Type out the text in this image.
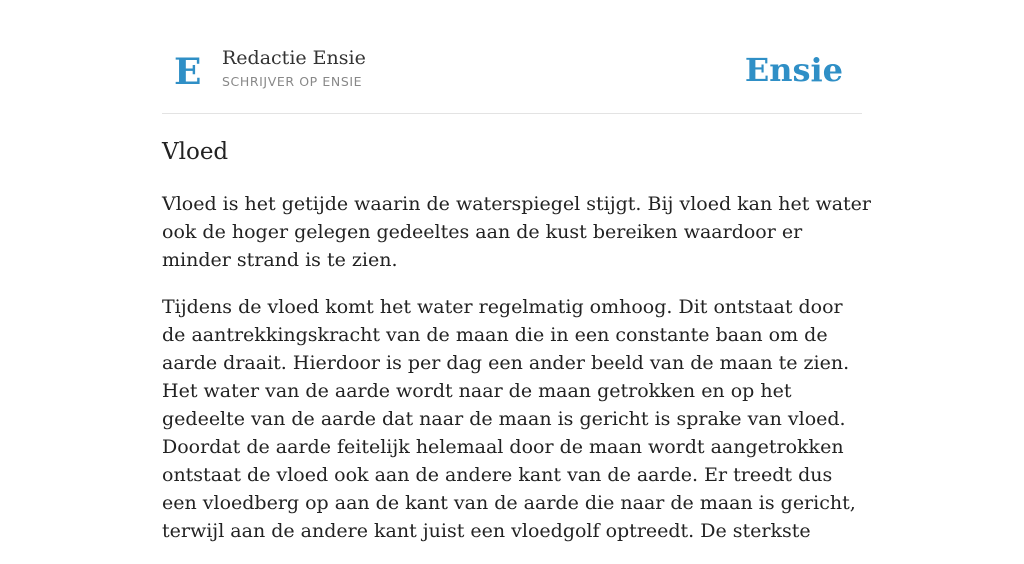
E Redactie Ensie
SCHRIJVER OP ENSIE	Ensie
Vloed

Vloed is het getijde waarin de waterspiegel stijgt. Bij vloed kan het water ook de hoger gelegen gedeeltes aan de kust bereiken waardoor er minder strand is te zien.

Tijdens de vloed komt het water regelmatig omhoog. Dit ontstaat door de aantrekkingskracht van de maan die in een constante baan om de aarde draait. Hierdoor is per dag een ander beeld van de maan te zien. Het water van de aarde wordt naar de maan getrokken en op het gedeelte van de aarde dat naar de maan is gericht is sprake van vloed. Doordat de aarde feitelijk helemaal door de maan wordt aangetrokken ontstaat de vloed ook aan de andere kant van de aarde. Er treedt dus een vloedberg op aan de kant van de aarde die naar de maan is gericht, terwijl aan de andere kant juist een vloedgolf optreedt. De sterkste
